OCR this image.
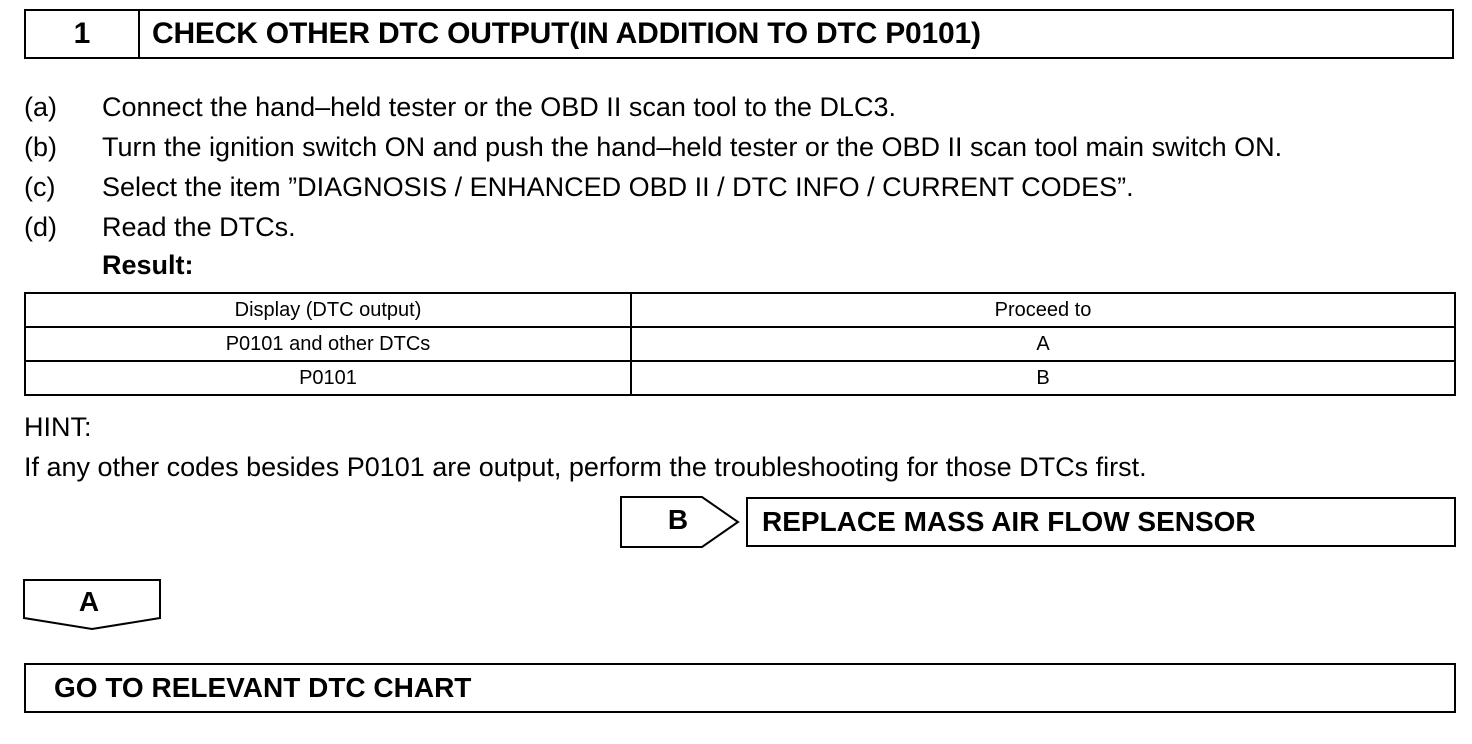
1	CHECK OTHER DTC OUTPUT(IN ADDITION TO DTC P0101)
(a)	Connect the hand–held tester or the OBD II scan tool to the DLC3.
(b)	Turn the ignition switch ON and push the hand–held tester or the OBD II scan tool main switch ON.
(c)	Select the item ”DIAGNOSIS / ENHANCED OBD II / DTC INFO / CURRENT CODES”.
(d)	Read the DTCs.
Result:
Display (DTC output)	Proceed to
P0101 and other DTCs	A
P0101	B
HINT:
If any other codes besides P0101 are output, perform the troubleshooting for those DTCs first.
B	REPLACE MASS AIR FLOW SENSOR
A
GO TO RELEVANT DTC CHART
